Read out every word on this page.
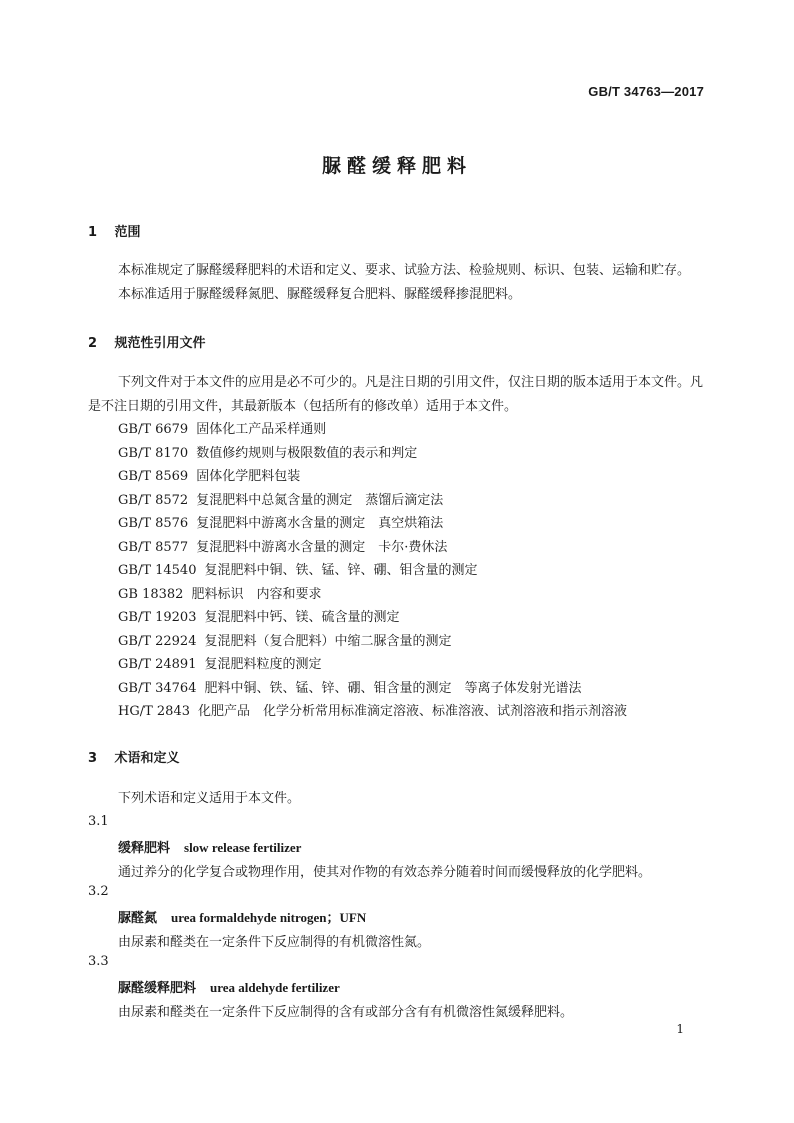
GB/T 34763—2017
脲醛缓释肥料
1 范围
本标准规定了脲醛缓释肥料的术语和定义、要求、试验方法、检验规则、标识、包装、运输和贮存。
本标准适用于脲醛缓释氮肥、脲醛缓释复合肥料、脲醛缓释掺混肥料。
2 规范性引用文件
下列文件对于本文件的应用是必不可少的。凡是注日期的引用文件，仅注日期的版本适用于本文件。凡是不注日期的引用文件，其最新版本（包括所有的修改单）适用于本文件。
GB/T 6679 固体化工产品采样通则
GB/T 8170 数值修约规则与极限数值的表示和判定
GB/T 8569 固体化学肥料包装
GB/T 8572 复混肥料中总氮含量的测定　蒸馏后滴定法
GB/T 8576 复混肥料中游离水含量的测定　真空烘箱法
GB/T 8577 复混肥料中游离水含量的测定　卡尔·费休法
GB/T 14540 复混肥料中铜、铁、锰、锌、硼、钼含量的测定
GB 18382 肥料标识　内容和要求
GB/T 19203 复混肥料中钙、镁、硫含量的测定
GB/T 22924 复混肥料（复合肥料）中缩二脲含量的测定
GB/T 24891 复混肥料粒度的测定
GB/T 34764 肥料中铜、铁、锰、锌、硼、钼含量的测定　等离子体发射光谱法
HG/T 2843 化肥产品　化学分析常用标准滴定溶液、标准溶液、试剂溶液和指示剂溶液
3 术语和定义
下列术语和定义适用于本文件。
3.1
缓释肥料 slow release fertilizer
通过养分的化学复合或物理作用，使其对作物的有效态养分随着时间而缓慢释放的化学肥料。
3.2
脲醛氮 urea formaldehyde nitrogen；UFN
由尿素和醛类在一定条件下反应制得的有机微溶性氮。
3.3
脲醛缓释肥料 urea aldehyde fertilizer
由尿素和醛类在一定条件下反应制得的含有或部分含有有机微溶性氮缓释肥料。
1
